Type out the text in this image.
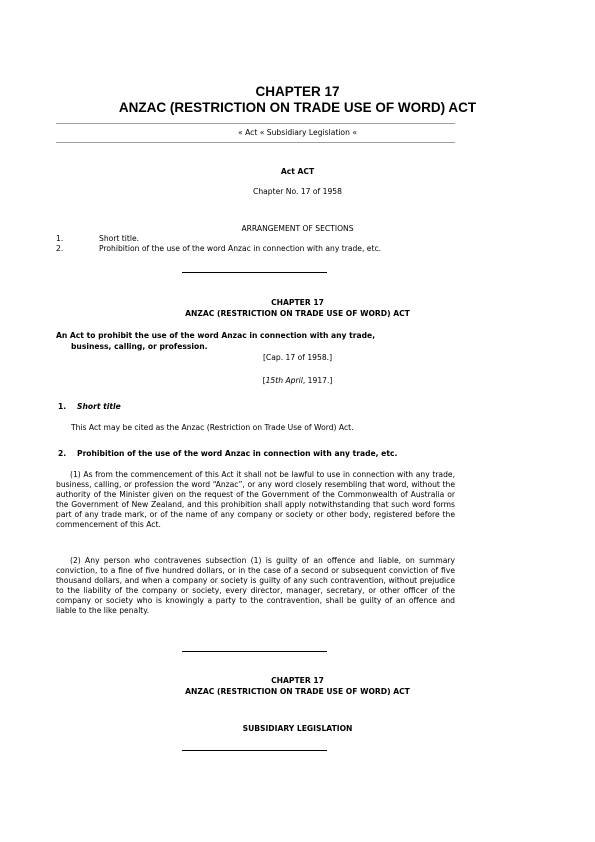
CHAPTER 17
ANZAC (RESTRICTION ON TRADE USE OF WORD) ACT
« Act « Subsidiary Legislation «
Act ACT
Chapter No. 17 of 1958
ARRANGEMENT OF SECTIONS
1.	Short title.
2.	Prohibition of the use of the word Anzac in connection with any trade, etc.
CHAPTER 17
ANZAC (RESTRICTION ON TRADE USE OF WORD) ACT
An Act to prohibit the use of the word Anzac in connection with any trade,
business, calling, or profession.
[Cap. 17 of 1958.]
[15th April, 1917.]
1.	Short title
This Act may be cited as the Anzac (Restriction on Trade Use of Word) Act.
2.	Prohibition of the use of the word Anzac in connection with any trade, etc.
(1) As from the commencement of this Act it shall not be lawful to use in connection with any trade, business, calling, or profession the word “Anzac”, or any word closely resembling that word, without the authority of the Minister given on the request of the Government of the Commonwealth of Australia or the Government of New Zealand, and this prohibition shall apply notwithstanding that such word forms part of any trade mark, or of the name of any company or society or other body, registered before the commencement of this Act.
(2) Any person who contravenes subsection (1) is guilty of an offence and liable, on summary conviction, to a fine of five hundred dollars, or in the case of a second or subsequent conviction of five thousand dollars, and when a company or society is guilty of any such contravention, without prejudice to the liability of the company or society, every director, manager, secretary, or other officer of the company or society who is knowingly a party to the contravention, shall be guilty of an offence and liable to the like penalty.
CHAPTER 17
ANZAC (RESTRICTION ON TRADE USE OF WORD) ACT
SUBSIDIARY LEGISLATION
